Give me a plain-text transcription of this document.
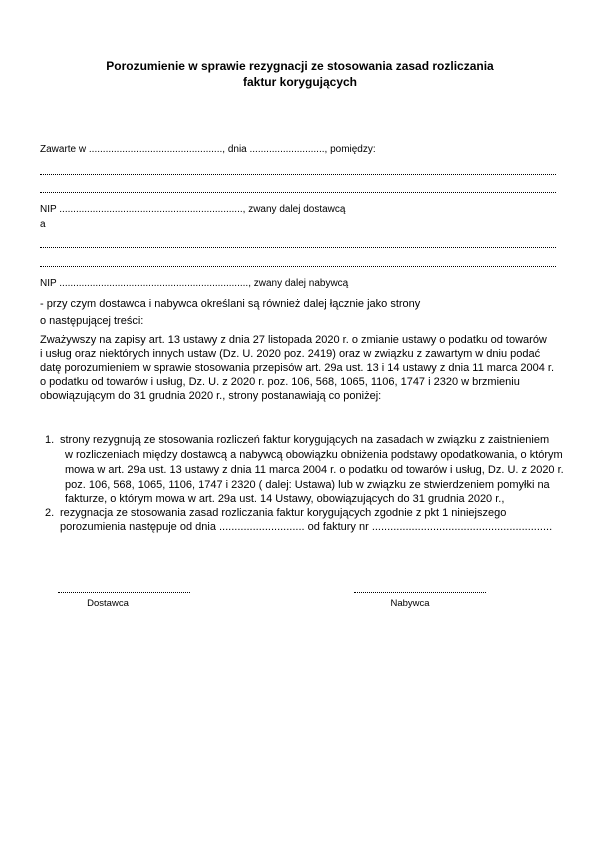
Porozumienie w sprawie rezygnacji ze stosowania zasad rozliczania
faktur korygujących
Zawarte w ................................................, dnia ..........................., pomiędzy:
NIP .................................................................., zwany dalej dostawcą
a
NIP ...................................................................., zwany dalej nabywcą
- przy czym dostawca i nabywca określani są również dalej łącznie jako strony
o następującej treści:
Zważywszy na zapisy art. 13 ustawy z dnia 27 listopada 2020 r. o zmianie ustawy o podatku od towarów
i usług oraz niektórych innych ustaw (Dz. U. 2020 poz. 2419) oraz w związku z zawartym w dniu podać
datę porozumieniem w sprawie stosowania przepisów art. 29a ust. 13 i 14 ustawy z dnia 11 marca 2004 r.
o podatku od towarów i usług, Dz. U. z 2020 r. poz. 106, 568, 1065, 1106, 1747 i 2320 w brzmieniu
obowiązującym do 31 grudnia 2020 r., strony postanawiają co poniżej:
1. strony rezygnują ze stosowania rozliczeń faktur korygujących na zasadach w związku z zaistnieniem
w rozliczeniach między dostawcą a nabywcą obowiązku obniżenia podstawy opodatkowania, o którym
mowa w art. 29a ust. 13 ustawy z dnia 11 marca 2004 r. o podatku od towarów i usług, Dz. U. z 2020 r.
poz. 106, 568, 1065, 1106, 1747 i 2320 ( dalej: Ustawa) lub w związku ze stwierdzeniem pomyłki na
fakturze, o którym mowa w art. 29a ust. 14 Ustawy, obowiązujących do 31 grudnia 2020 r.,
2. rezygnacja ze stosowania zasad rozliczania faktur korygujących zgodnie z pkt 1 niniejszego
porozumienia następuje od dnia ............................ od faktury nr ...........................................................
Dostawca	Nabywca
